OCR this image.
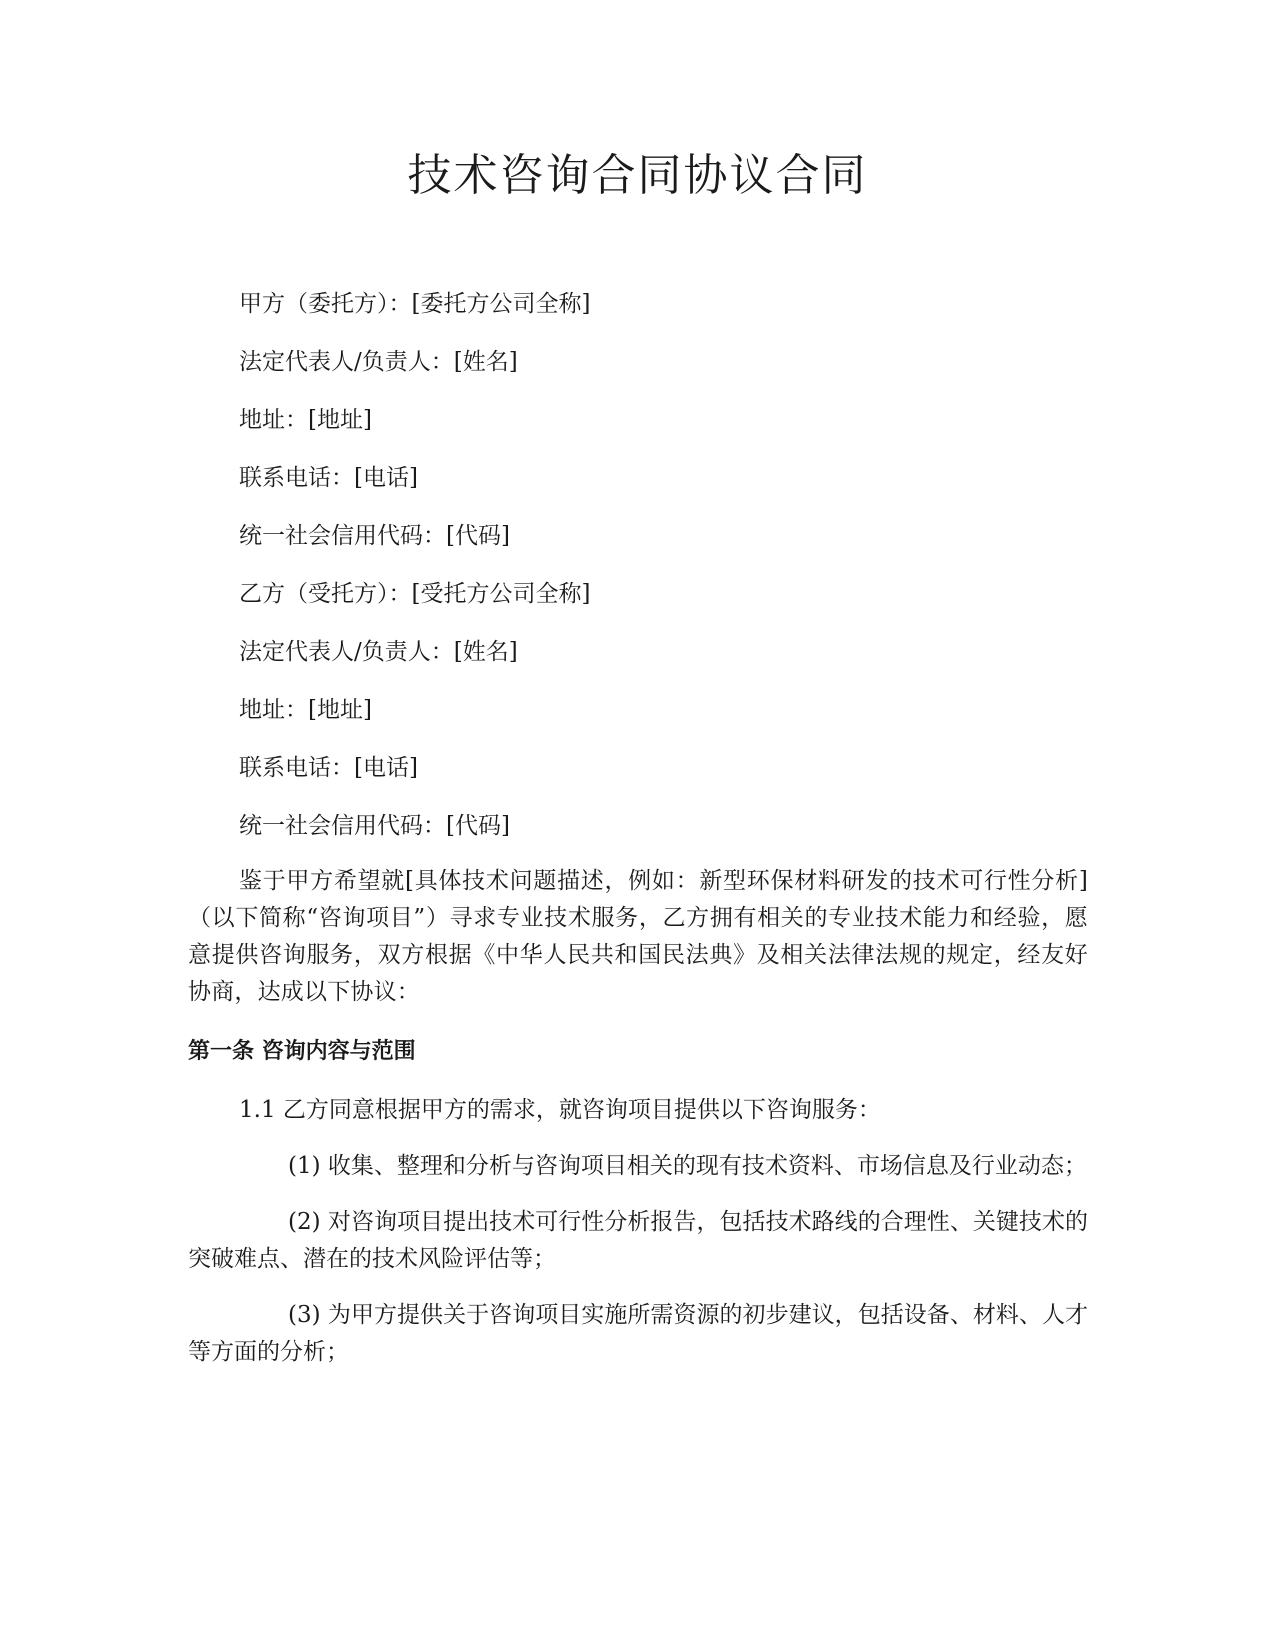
技术咨询合同协议合同
甲方（委托方）：[委托方公司全称]
法定代表人/负责人：[姓名]
地址：[地址]
联系电话：[电话]
统一社会信用代码：[代码]
乙方（受托方）：[受托方公司全称]
法定代表人/负责人：[姓名]
地址：[地址]
联系电话：[电话]
统一社会信用代码：[代码]

鉴于甲方希望就[具体技术问题描述，例如：新型环保材料研发的技术可行性分析]（以下简称“咨询项目”）寻求专业技术服务，乙方拥有相关的专业技术能力和经验，愿意提供咨询服务，双方根据《中华人民共和国民法典》及相关法律法规的规定，经友好协商，达成以下协议：

第一条 咨询内容与范围
1.1 乙方同意根据甲方的需求，就咨询项目提供以下咨询服务：

(1) 收集、整理和分析与咨询项目相关的现有技术资料、市场信息及行业动态；

(2) 对咨询项目提出技术可行性分析报告，包括技术路线的合理性、关键技术的突破难点、潜在的技术风险评估等；

(3) 为甲方提供关于咨询项目实施所需资源的初步建议，包括设备、材料、人才等方面的分析；
